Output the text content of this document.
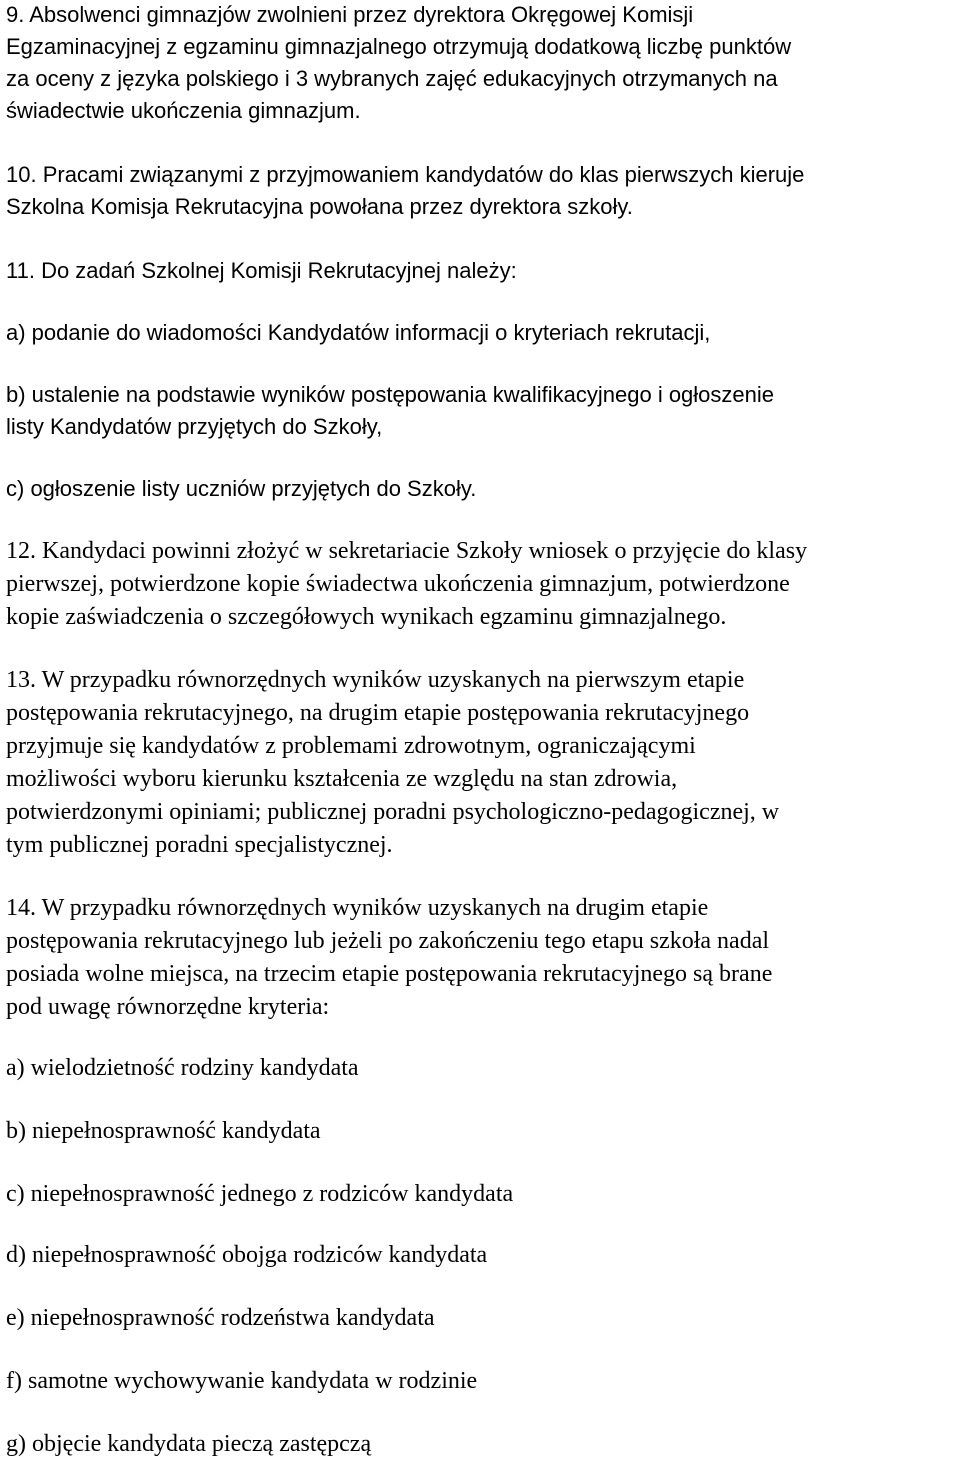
9. Absolwenci gimnazjów zwolnieni przez dyrektora Okręgowej Komisji
Egzaminacyjnej z egzaminu gimnazjalnego otrzymują dodatkową liczbę punktów
za oceny z języka polskiego i 3 wybranych zajęć edukacyjnych otrzymanych na
świadectwie ukończenia gimnazjum.
10. Pracami związanymi z przyjmowaniem kandydatów do klas pierwszych kieruje
Szkolna Komisja Rekrutacyjna powołana przez dyrektora szkoły.
11. Do zadań Szkolnej Komisji Rekrutacyjnej należy:
a) podanie do wiadomości Kandydatów informacji o kryteriach rekrutacji,
b) ustalenie na podstawie wyników postępowania kwalifikacyjnego i ogłoszenie
listy Kandydatów przyjętych do Szkoły,
c) ogłoszenie listy uczniów przyjętych do Szkoły.
12. Kandydaci powinni złożyć w sekretariacie Szkoły wniosek o przyjęcie do klasy
pierwszej, potwierdzone kopie świadectwa ukończenia gimnazjum, potwierdzone
kopie zaświadczenia o szczegółowych wynikach egzaminu gimnazjalnego.
13. W przypadku równorzędnych wyników uzyskanych na pierwszym etapie
postępowania rekrutacyjnego, na drugim etapie postępowania rekrutacyjnego
przyjmuje się kandydatów z problemami zdrowotnym, ograniczającymi
możliwości wyboru kierunku kształcenia ze względu na stan zdrowia,
potwierdzonymi opiniami; publicznej poradni psychologiczno-pedagogicznej, w
tym publicznej poradni specjalistycznej.
14. W przypadku równorzędnych wyników uzyskanych na drugim etapie
postępowania rekrutacyjnego lub jeżeli po zakończeniu tego etapu szkoła nadal
posiada wolne miejsca, na trzecim etapie postępowania rekrutacyjnego są brane
pod uwagę równorzędne kryteria:
a) wielodzietność rodziny kandydata
b) niepełnosprawność kandydata
c) niepełnosprawność jednego z rodziców kandydata
d) niepełnosprawność obojga rodziców kandydata
e) niepełnosprawność rodzeństwa kandydata
f) samotne wychowywanie kandydata w rodzinie
g) objęcie kandydata pieczą zastępczą
